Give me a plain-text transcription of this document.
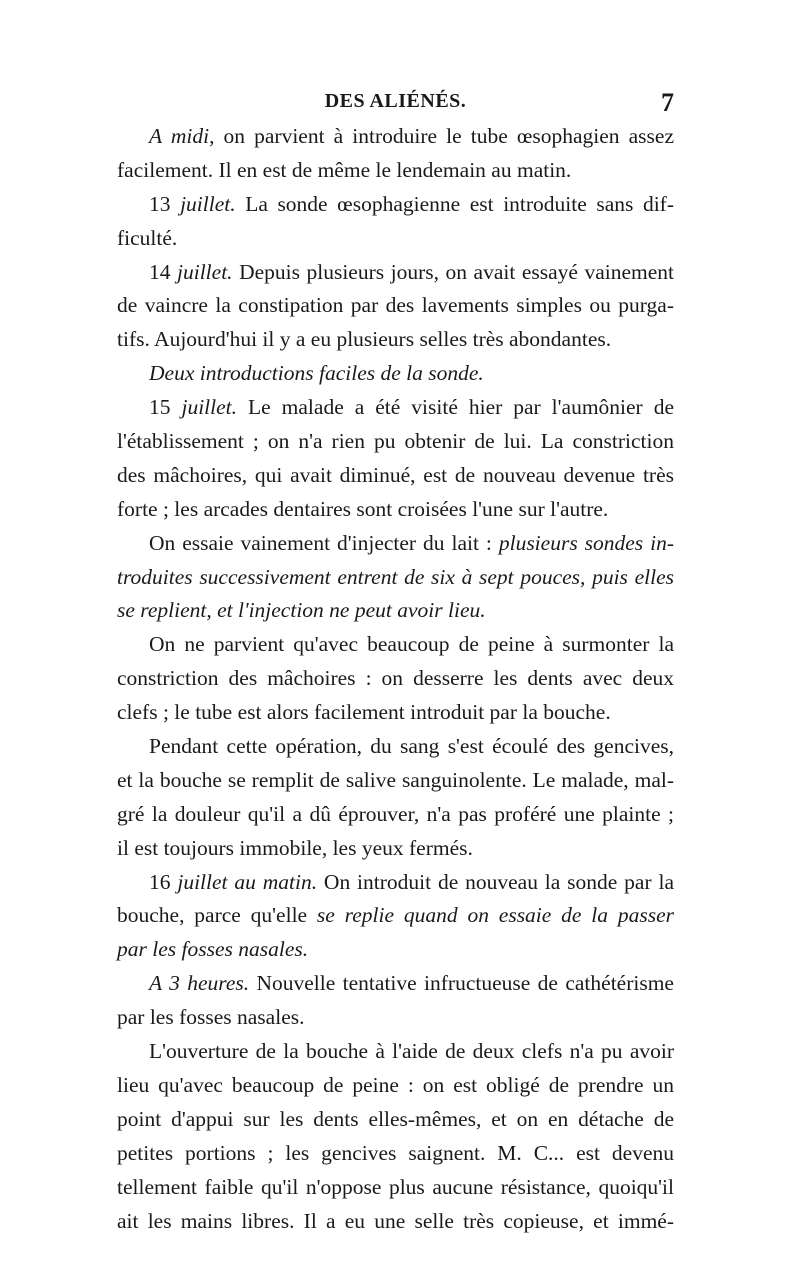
DES ALIÉNÉS.	7
A midi, on parvient à introduire le tube œsophagien assez
facilement. Il en est de même le lendemain au matin.
13 juillet. La sonde œsophagienne est introduite sans dif-
ficulté.
14 juillet. Depuis plusieurs jours, on avait essayé vainement
de vaincre la constipation par des lavements simples ou purga-
tifs. Aujourd'hui il y a eu plusieurs selles très abondantes.
Deux introductions faciles de la sonde.
15 juillet. Le malade a été visité hier par l'aumônier de
l'établissement ; on n'a rien pu obtenir de lui. La constriction
des mâchoires, qui avait diminué, est de nouveau devenue très
forte ; les arcades dentaires sont croisées l'une sur l'autre.
On essaie vainement d'injecter du lait : plusieurs sondes in-
troduites successivement entrent de six à sept pouces, puis elles
se replient, et l'injection ne peut avoir lieu.
On ne parvient qu'avec beaucoup de peine à surmonter la
constriction des mâchoires : on desserre les dents avec deux
clefs ; le tube est alors facilement introduit par la bouche.
Pendant cette opération, du sang s'est écoulé des gencives,
et la bouche se remplit de salive sanguinolente. Le malade, mal-
gré la douleur qu'il a dû éprouver, n'a pas proféré une plainte ;
il est toujours immobile, les yeux fermés.
16 juillet au matin. On introduit de nouveau la sonde par la
bouche, parce qu'elle se replie quand on essaie de la passer
par les fosses nasales.
A 3 heures. Nouvelle tentative infructueuse de cathétérisme
par les fosses nasales.
L'ouverture de la bouche à l'aide de deux clefs n'a pu avoir
lieu qu'avec beaucoup de peine : on est obligé de prendre un
point d'appui sur les dents elles-mêmes, et on en détache de
petites portions ; les gencives saignent. M. C... est devenu
tellement faible qu'il n'oppose plus aucune résistance, quoiqu'il
ait les mains libres. Il a eu une selle très copieuse, et immé-
